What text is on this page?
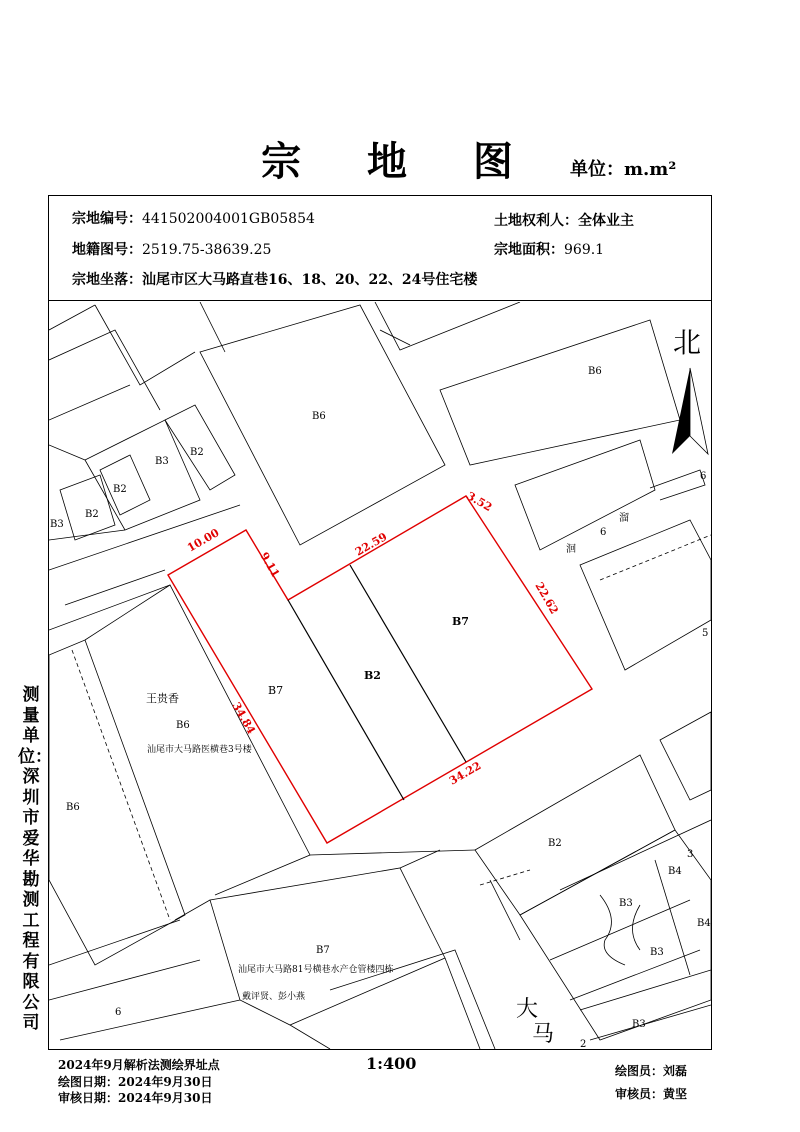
宗 地 图	单位：m.m²
宗地编号：441502004001GB05854
地籍图号：2519.75-38639.25
宗地坐落：汕尾市区大马路直巷16、18、20、22、24号住宅楼
土地权利人：全体业主
宗地面积：969.1
10.00
9.11
22.59
3.52
22.62
34.22
34.84
B7
B2
B7
B6
B6
B3
B2
B2
B2
B3
B6
B6
B7
B2
B4
B3
B3
B4
B3
王贵香
汕尾市大马路医横巷3号楼
汕尾市大马路81号横巷水产仓管楼四栋
戴评贤、彭小燕
6
5
6
3
2
6
洄
溜
大
马
北
测量单位：深圳市爱华勘测工程有限公司
2024年9月解析法测绘界址点	1:400
绘图日期：2024年9月30日
审核日期：2024年9月30日
绘图员：刘磊
审核员：黄坚
